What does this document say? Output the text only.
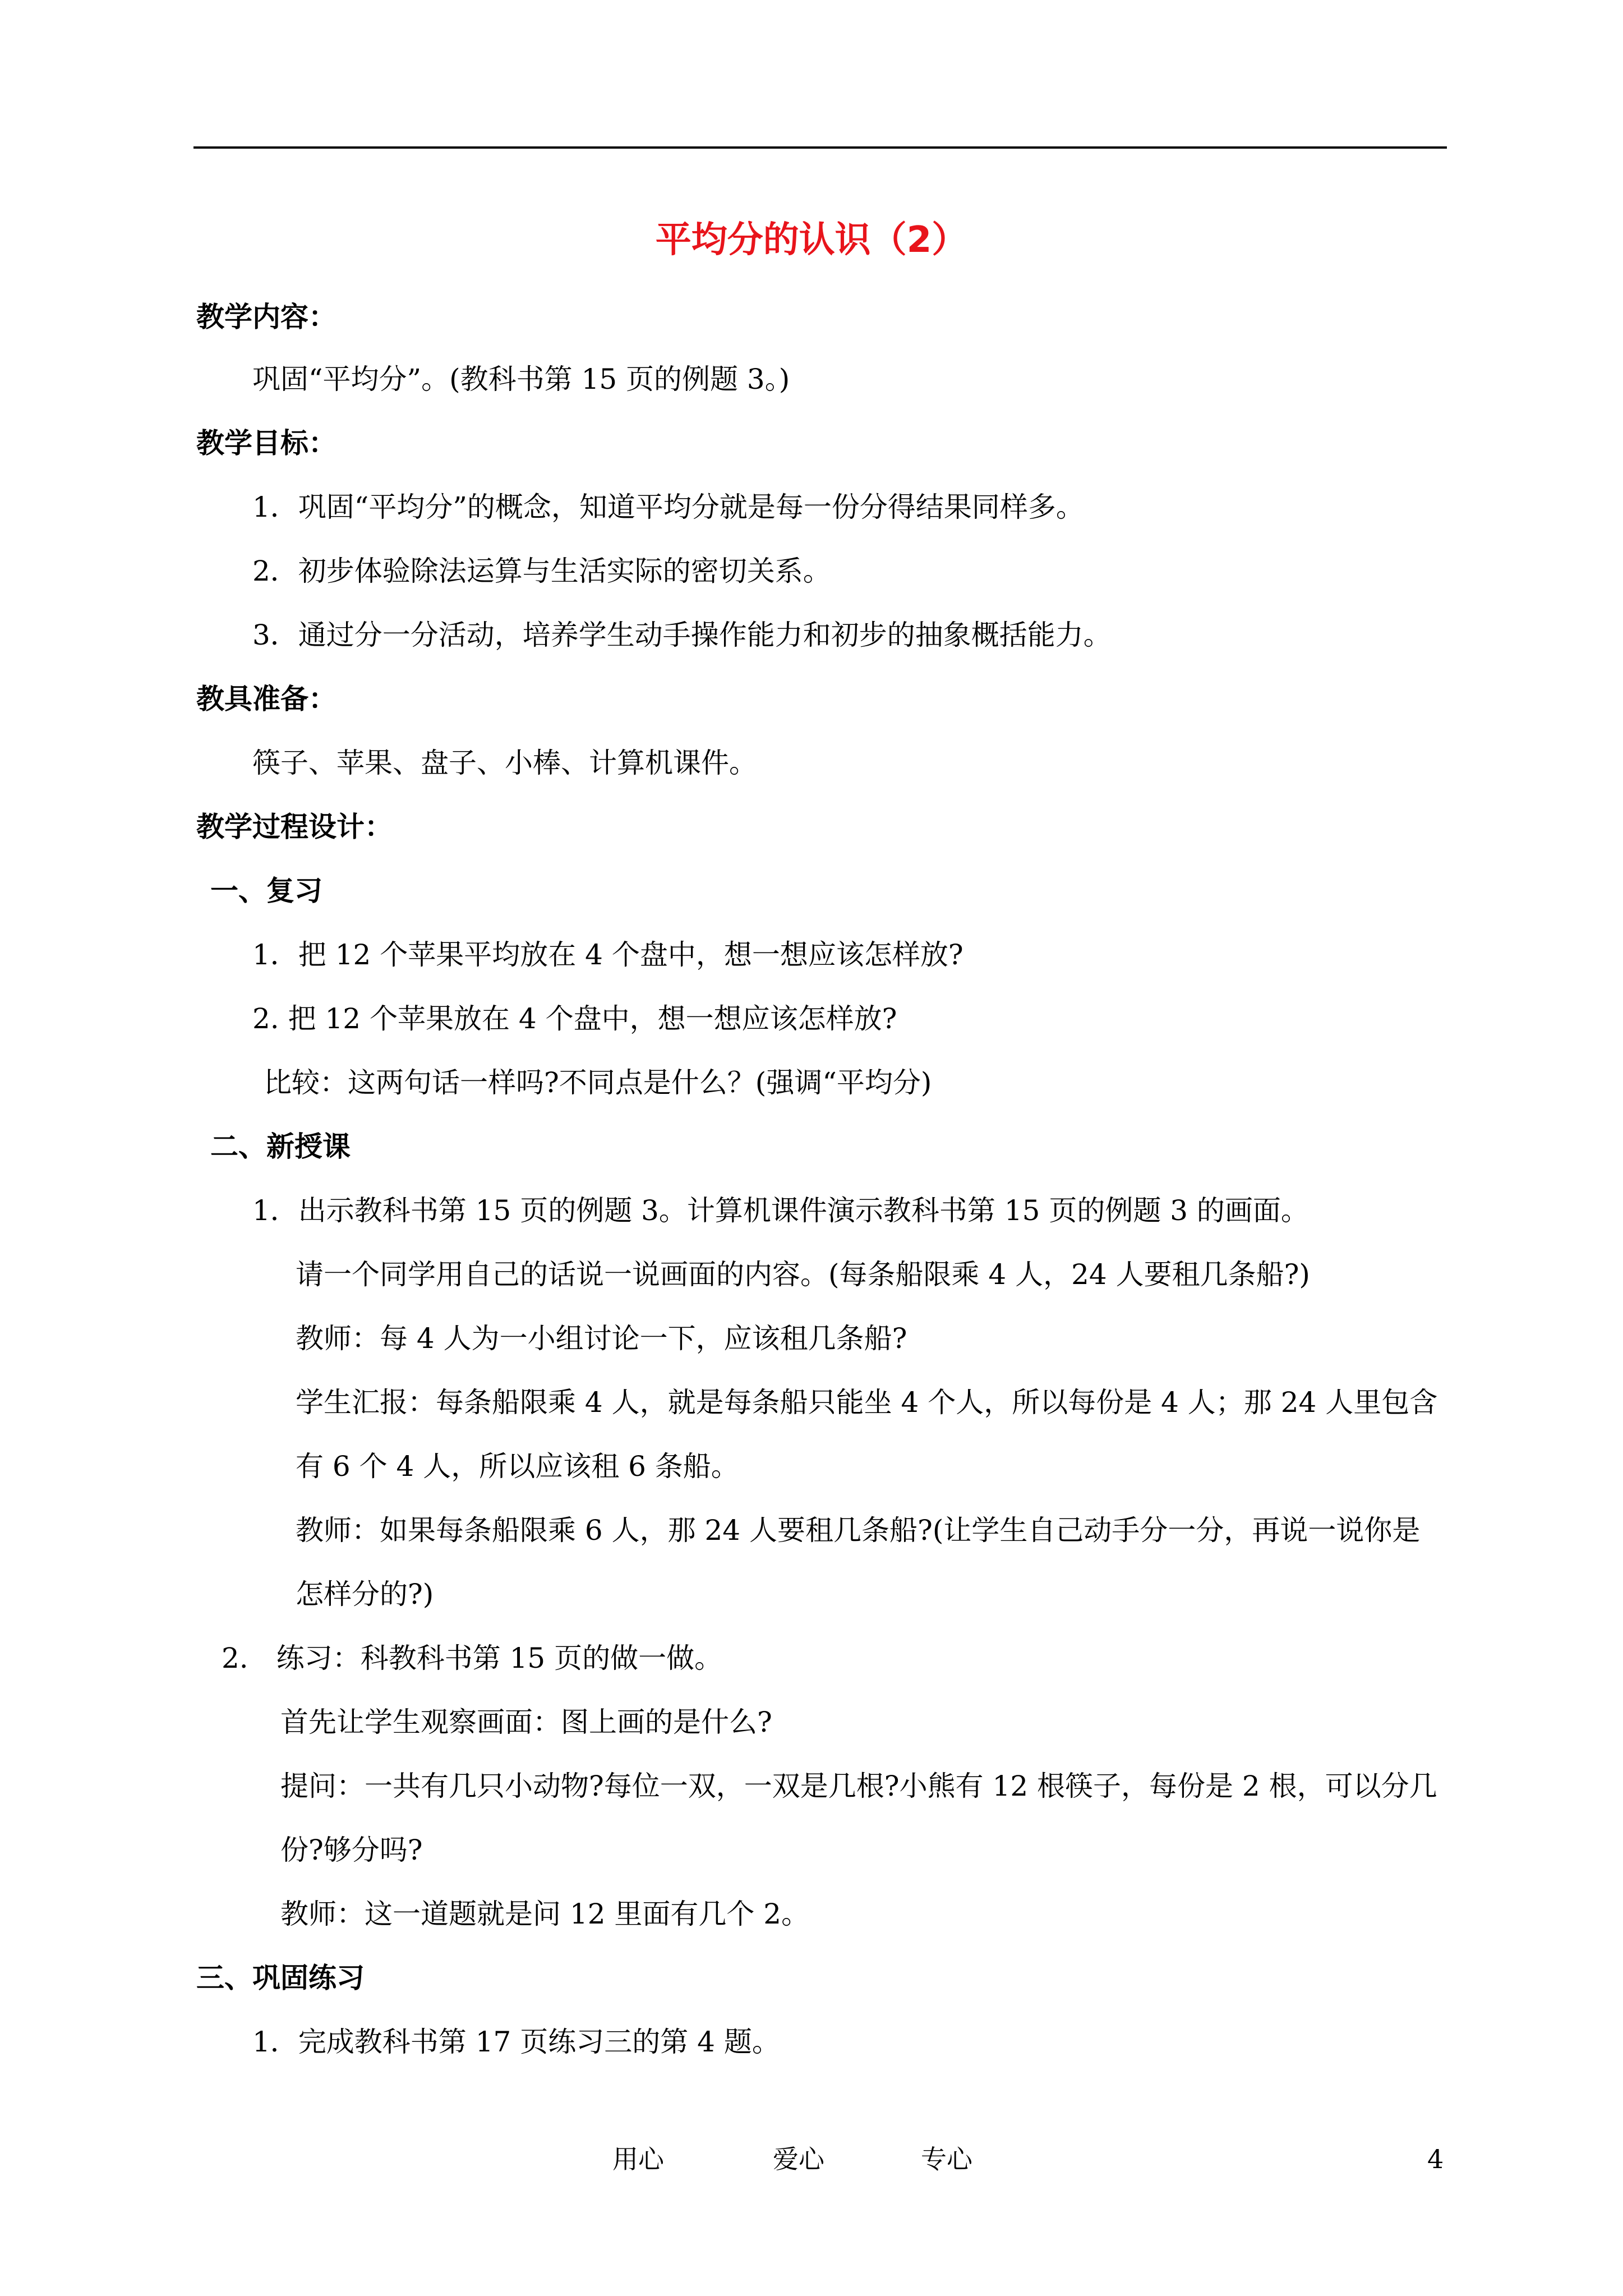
平均分的认识（2）
教学内容：
巩固“平均分”。(教科书第 15 页的例题 3。)
教学目标：
1．巩固“平均分”的概念，知道平均分就是每一份分得结果同样多。
2．初步体验除法运算与生活实际的密切关系。
3．通过分一分活动，培养学生动手操作能力和初步的抽象概括能力。
教具准备：
筷子、苹果、盘子、小棒、计算机课件。
教学过程设计：
一、复习
1．把 12 个苹果平均放在 4 个盘中，想一想应该怎样放?
2. 把 12 个苹果放在 4 个盘中，想一想应该怎样放?
比较：这两句话一样吗?不同点是什么？(强调“平均分)
二、新授课
1．出示教科书第 15 页的例题 3。计算机课件演示教科书第 15 页的例题 3 的画面。
请一个同学用自己的话说一说画面的内容。(每条船限乘 4 人，24 人要租几条船?)
教师：每 4 人为一小组讨论一下，应该租几条船?
学生汇报：每条船限乘 4 人，就是每条船只能坐 4 个人，所以每份是 4 人；那 24 人里包含
有 6 个 4 人，所以应该租 6 条船。
教师：如果每条船限乘 6 人，那 24 人要租几条船?(让学生自己动手分一分，再说一说你是
怎样分的?)
2.　练习：科教科书第 15 页的做一做。
首先让学生观察画面：图上画的是什么?
提问：一共有几只小动物?每位一双，一双是几根?小熊有 12 根筷子，每份是 2 根，可以分几
份?够分吗?
教师：这一道题就是问 12 里面有几个 2。
三、巩固练习
1．完成教科书第 17 页练习三的第 4 题。
用心	爱心	专心	4
